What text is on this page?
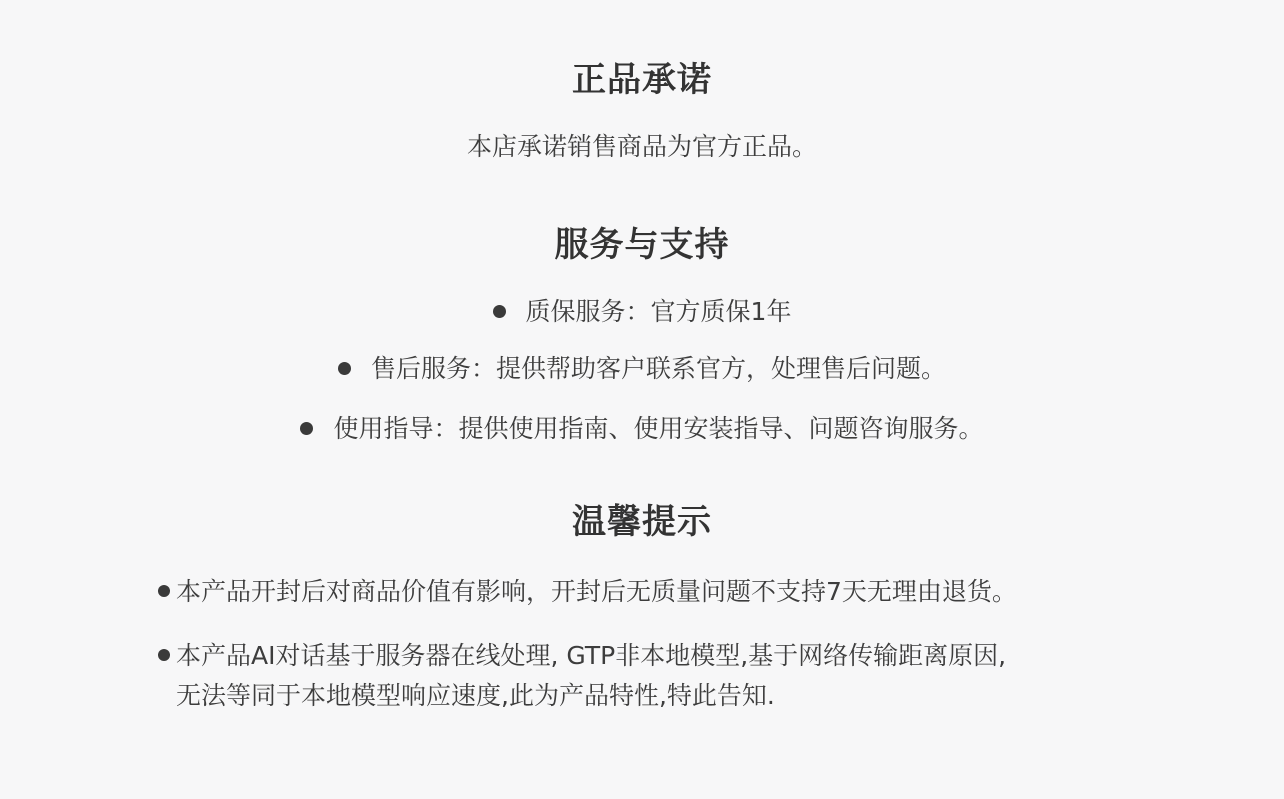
正品承诺
本店承诺销售商品为官方正品。
服务与支持
质保服务：官方质保1年
售后服务：提供帮助客户联系官方，处理售后问题。
使用指导：提供使用指南、使用安装指导、问题咨询服务。
温馨提示
本产品开封后对商品价值有影响，开封后无质量问题不支持7天无理由退货。
本产品AI对话基于服务器在线处理, GTP非本地模型,基于网络传输距离原因,
无法等同于本地模型响应速度,此为产品特性,特此告知.
